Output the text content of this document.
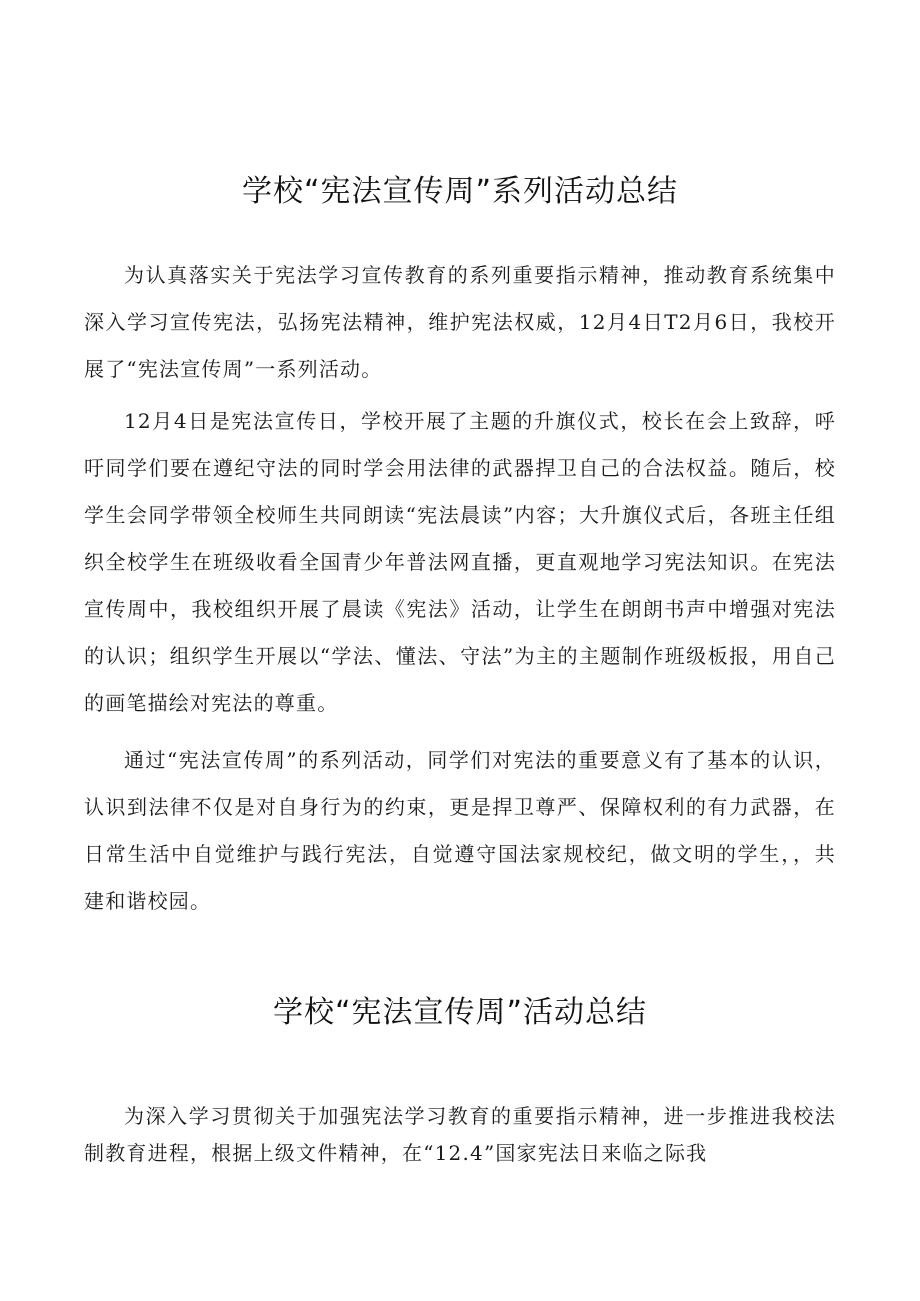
学校“宪法宣传周”系列活动总结

为认真落实关于宪法学习宣传教育的系列重要指示精神，推动教育系统集中深入学习宣传宪法，弘扬宪法精神，维护宪法权威，12月4日T2月6日，我校开展了“宪法宣传周”一系列活动。

12月4日是宪法宣传日，学校开展了主题的升旗仪式，校长在会上致辞，呼吁同学们要在遵纪守法的同时学会用法律的武器捍卫自己的合法权益。随后，校学生会同学带领全校师生共同朗读“宪法晨读”内容；大升旗仪式后，各班主任组织全校学生在班级收看全国青少年普法网直播，更直观地学习宪法知识。在宪法宣传周中，我校组织开展了晨读《宪法》活动，让学生在朗朗书声中增强对宪法的认识；组织学生开展以“学法、懂法、守法”为主的主题制作班级板报，用自己的画笔描绘对宪法的尊重。

通过“宪法宣传周”的系列活动，同学们对宪法的重要意义有了基本的认识，认识到法律不仅是对自身行为的约束，更是捍卫尊严、保障权利的有力武器，在日常生活中自觉维护与践行宪法，自觉遵守国法家规校纪，做文明的学生，，共建和谐校园。

学校“宪法宣传周”活动总结

为深入学习贯彻关于加强宪法学习教育的重要指示精神，进一步推进我校法制教育进程，根据上级文件精神，在“12.4”国家宪法日来临之际我
